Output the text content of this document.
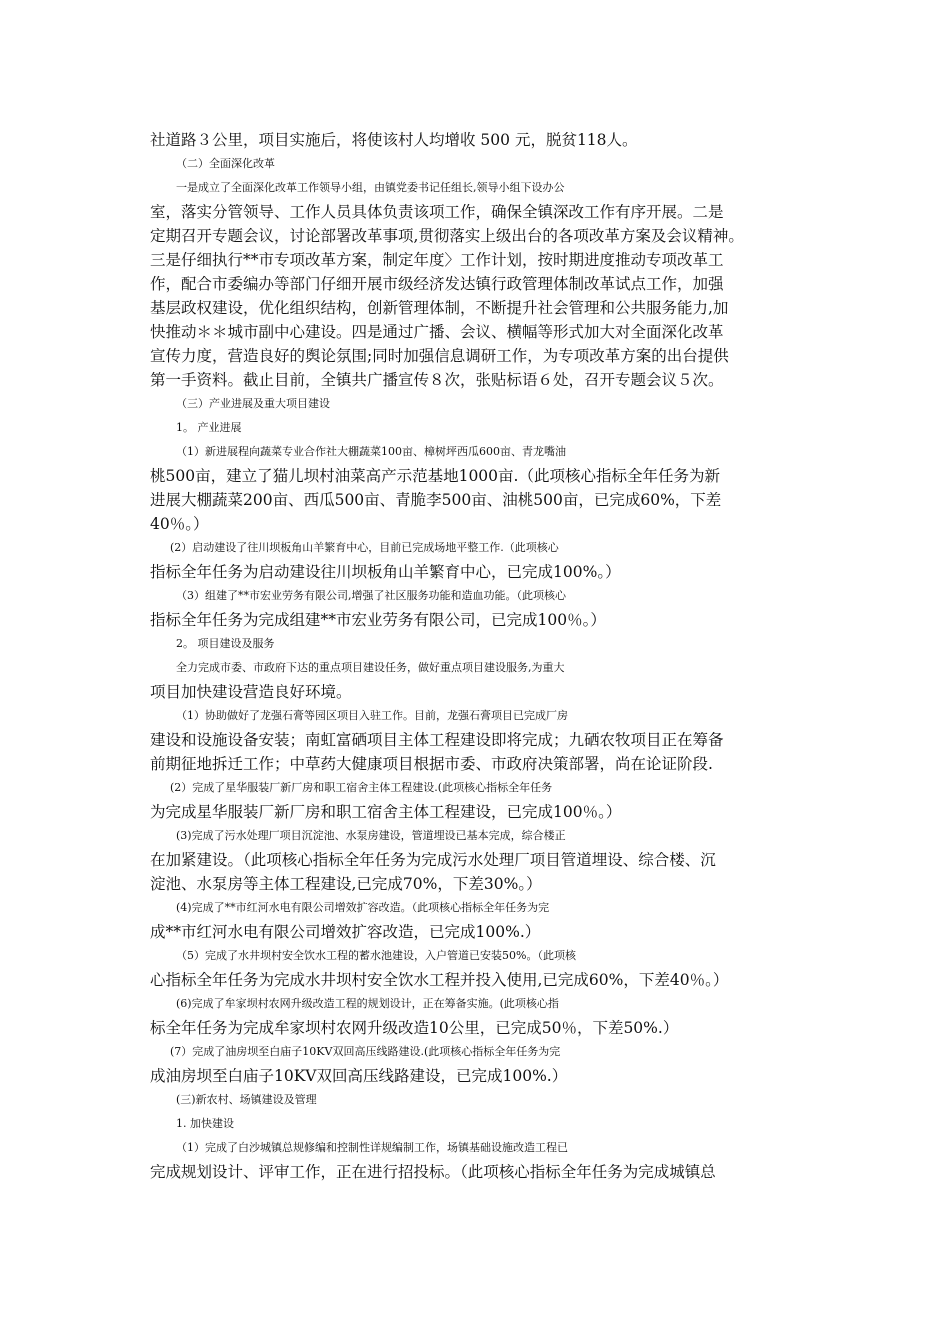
社道路３公里，项目实施后，将使该村人均增收 500 元，脱贫118人。
（二）全面深化改革
一是成立了全面深化改革工作领导小组，由镇党委书记任组长,领导小组下设办公
室，落实分管领导、工作人员具体负责该项工作，确保全镇深改工作有序开展。二是
定期召开专题会议，讨论部署改革事项,贯彻落实上级出台的各项改革方案及会议精神。
三是仔细执行**市专项改革方案，制定年度〉工作计划，按时期进度推动专项改革工
作，配合市委编办等部门仔细开展市级经济发达镇行政管理体制改革试点工作，加强
基层政权建设，优化组织结构，创新管理体制，不断提升社会管理和公共服务能力,加
快推动＊＊城市副中心建设。四是通过广播、会议、横幅等形式加大对全面深化改革
宣传力度，营造良好的舆论氛围;同时加强信息调研工作，为专项改革方案的出台提供
第一手资料。截止目前，全镇共广播宣传８次，张贴标语６处，召开专题会议５次。
（三）产业进展及重大项目建设
1。 产业进展
（1）新进展程向蔬菜专业合作社大棚蔬菜100亩、樟树坪西瓜600亩、青龙嘴油
桃500亩，建立了猫儿坝村油菜高产示范基地1000亩.（此项核心指标全年任务为新
进展大棚蔬菜200亩、西瓜500亩、青脆李500亩、油桃500亩，已完成60%，下差
40％。）
(2）启动建设了往川坝板角山羊繁育中心，目前已完成场地平整工作.（此项核心
指标全年任务为启动建设往川坝板角山羊繁育中心，已完成100%。）
（3）组建了**市宏业劳务有限公司,增强了社区服务功能和造血功能。（此项核心
指标全年任务为完成组建**市宏业劳务有限公司，已完成100％。）
2。 项目建设及服务
全力完成市委、市政府下达的重点项目建设任务，做好重点项目建设服务,为重大
项目加快建设营造良好环境。
（1）协助做好了龙强石膏等园区项目入驻工作。目前，龙强石膏项目已完成厂房
建设和设施设备安装；南虹富硒项目主体工程建设即将完成；九硒农牧项目正在筹备
前期征地拆迁工作；中草药大健康项目根据市委、市政府决策部署，尚在论证阶段.
(2）完成了星华服装厂新厂房和职工宿舍主体工程建设.(此项核心指标全年任务
为完成星华服装厂新厂房和职工宿舍主体工程建设，已完成100％。）
(3)完成了污水处理厂项目沉淀池、水泵房建设，管道埋设已基本完成，综合楼正
在加紧建设。（此项核心指标全年任务为完成污水处理厂项目管道埋设、综合楼、沉
淀池、水泵房等主体工程建设,已完成70%，下差30%。）
(4)完成了**市红河水电有限公司增效扩容改造。（此项核心指标全年任务为完
成**市红河水电有限公司增效扩容改造，已完成100%.）
（5）完成了水井坝村安全饮水工程的蓄水池建设，入户管道已安装50%。（此项核
心指标全年任务为完成水井坝村安全饮水工程并投入使用,已完成60%，下差40％。）
(6)完成了牟家坝村农网升级改造工程的规划设计，正在筹备实施。(此项核心指
标全年任务为完成牟家坝村农网升级改造10公里，已完成50％，下差50%.）
(7）完成了油房坝至白庙子10KV双回高压线路建设.(此项核心指标全年任务为完
成油房坝至白庙子10KV双回高压线路建设，已完成100%.）
(三)新农村、场镇建设及管理
1. 加快建设
（1）完成了白沙城镇总规修编和控制性详规编制工作，场镇基础设施改造工程已
完成规划设计、评审工作，正在进行招投标。（此项核心指标全年任务为完成城镇总
